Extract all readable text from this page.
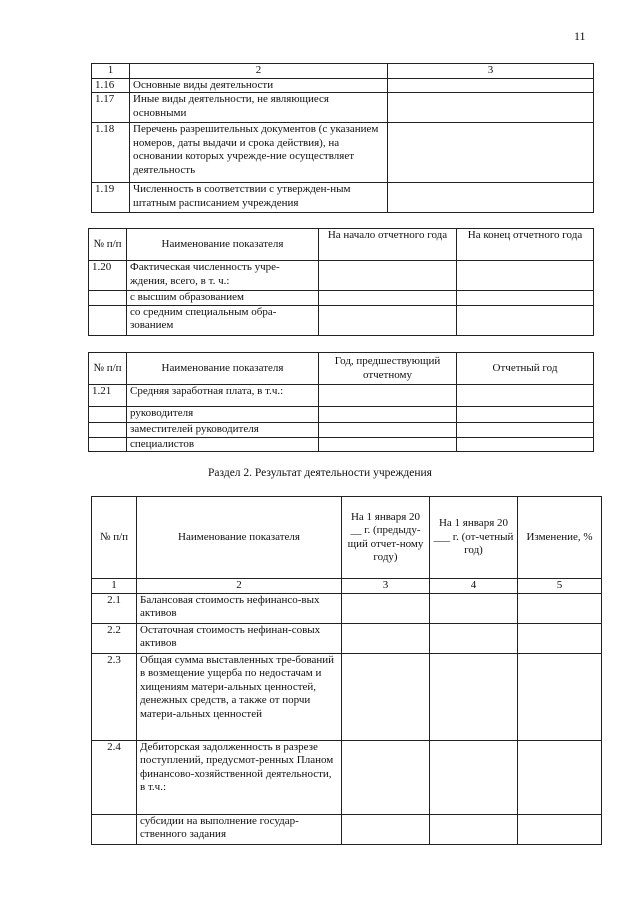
11
1	2	3
1.16	Основные виды деятельности	
1.17	Иные виды деятельности, не являющиеся основными	
1.18	Перечень разрешительных документов (с указанием номеров, даты выдачи и срока действия), на основании которых учрежде-ние осуществляет деятельность	
1.19	Численность в соответствии с утвержден-ным штатным расписанием учреждения	
№ п/п	Наименование показателя	На начало отчетного года	На конец отчетного года
1.20	Фактическая численность учре-ждения, всего, в т. ч.:		
	с высшим образованием		
	со средним специальным обра-зованием		
№ п/п	Наименование показателя	Год, предшествующий отчетному	Отчетный год
1.21	Средняя заработная плата, в т.ч.:		
	руководителя		
	заместителей руководителя		
	специалистов		
Раздел 2. Результат деятельности учреждения
№ п/п	Наименование показателя	На 1 января 20 __ г. (предыду-щий отчет-ному году)	На 1 января 20 ___ г. (от-четный год)	Изменение, %
1	2	3	4	5
2.1	Балансовая стоимость нефинансо-вых активов			
2.2	Остаточная стоимость нефинан-совых активов			
2.3	Общая сумма выставленных тре-бований в возмещение ущерба по недостачам и хищениям матери-альных ценностей, денежных средств, а также от порчи матери-альных ценностей			
2.4	Дебиторская задолженность в разрезе поступлений, предусмот-ренных Планом финансово-хозяйственной деятельности, в т.ч.:			
	субсидии на выполнение государ-ственного задания			
